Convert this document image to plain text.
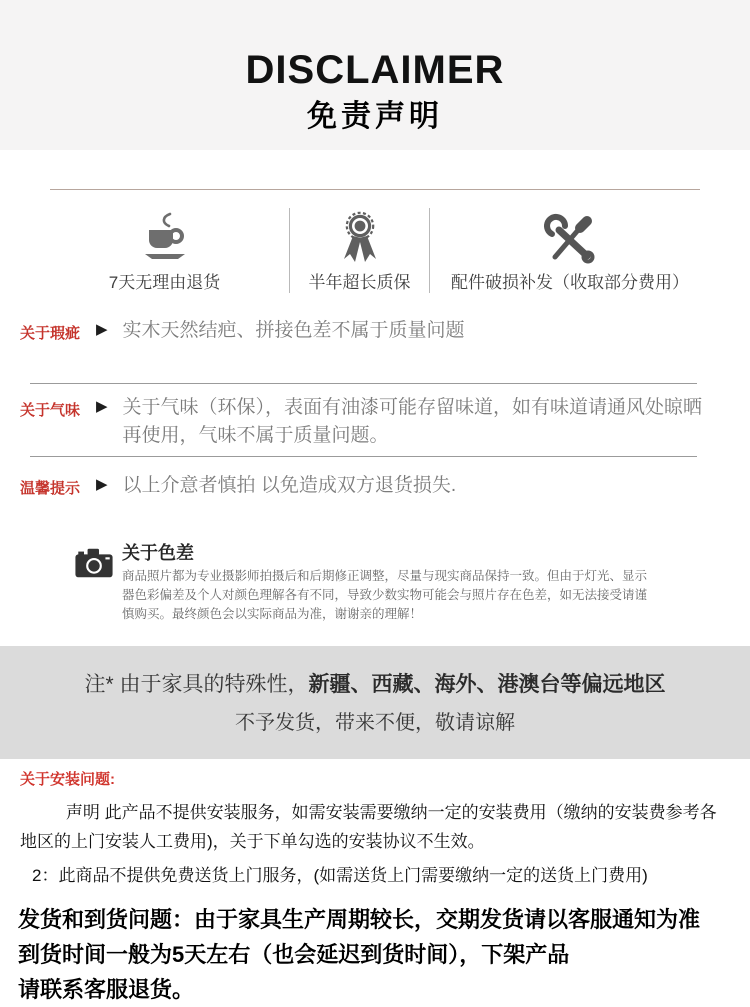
DISCLAIMER
免责声明
7天无理由退货	半年超长质保 配件破损补发（收取部分费用）
关于瑕疵	▶ 实木天然结疤、拼接色差不属于质量问题
关于气味	▶ 关于气味（环保），表面有油漆可能存留味道，如有味道请通风处晾晒再使用，气味不属于质量问题。
温馨提示	▶ 以上介意者慎拍 以免造成双方退货损失.
关于色差
商品照片都为专业摄影师拍摄后和后期修正调整，尽量与现实商品保持一致。但由于灯光、显示器色彩偏差及个人对颜色理解各有不同，导致少数实物可能会与照片存在色差，如无法接受请谨慎购买。最终颜色会以实际商品为准，谢谢亲的理解！
注* 由于家具的特殊性，新疆、西藏、海外、港澳台等偏远地区
不予发货，带来不便，敬请谅解
关于安装问题:

声明 此产品不提供安装服务，如需安装需要缴纳一定的安装费用（缴纳的安装费参考各地区的上门安装人工费用)，关于下单勾选的安装协议不生效。

2：此商品不提供免费送货上门服务，(如需送货上门需要缴纳一定的送货上门费用)

发货和到货问题：由于家具生产周期较长，交期发货请以客服通知为准
到货时间一般为5天左右（也会延迟到货时间），下架产品
请联系客服退货。
